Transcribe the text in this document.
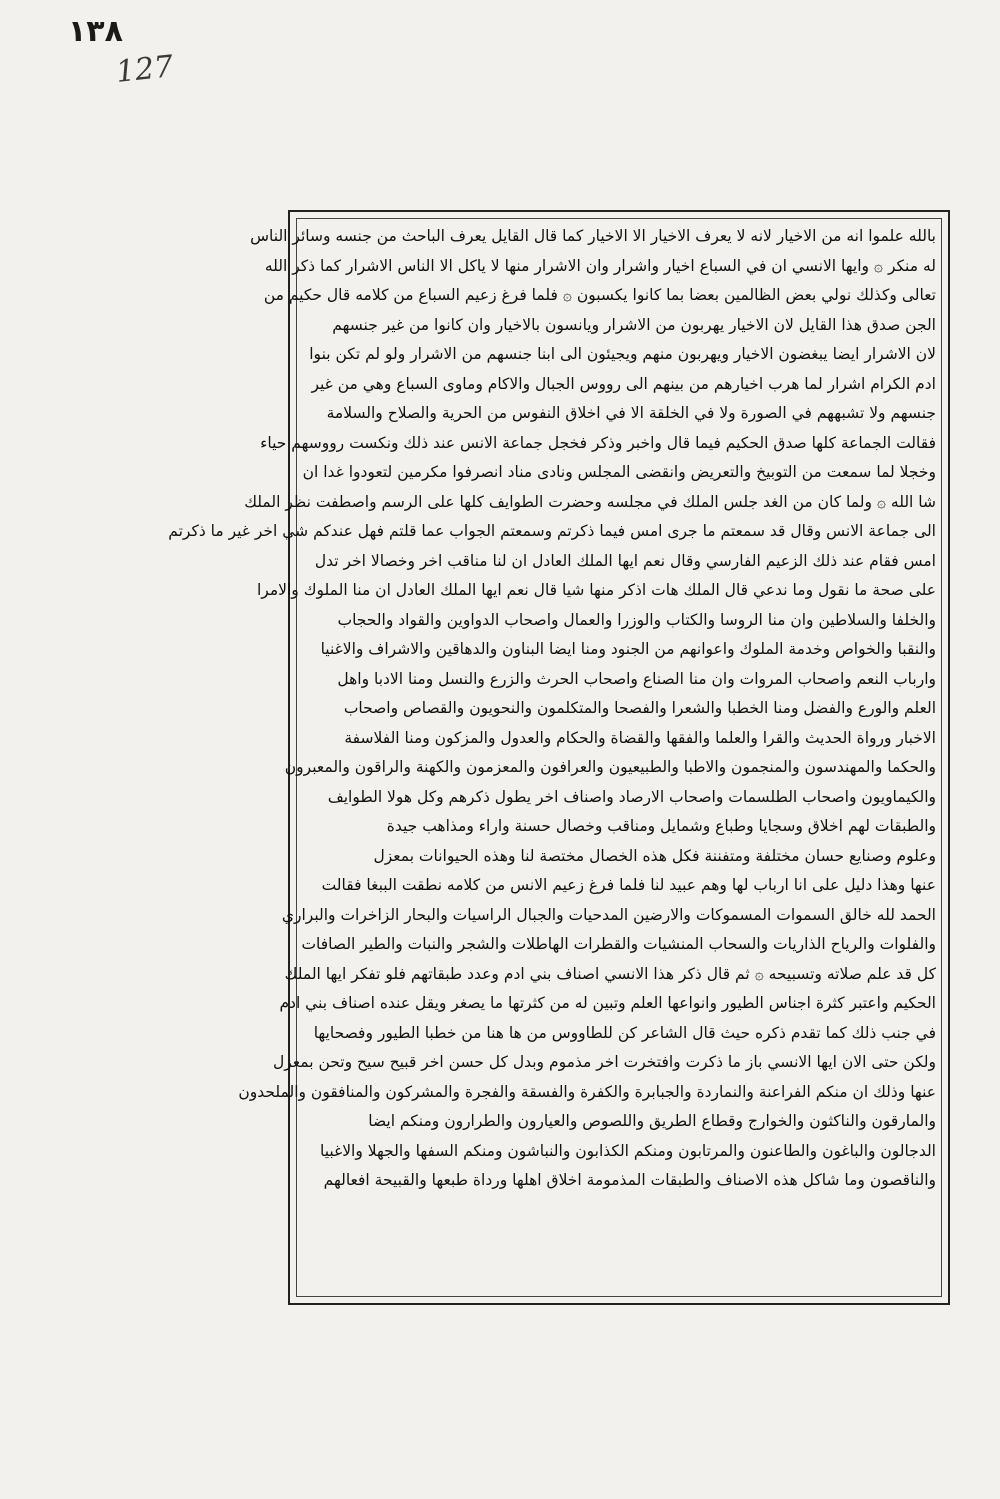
١٣٨
127
بالله علموا انه من الاخيار لانه لا يعرف الاخيار الا الاخيار كما قال القايل يعرف الباحث من جنسه وسائر الناس
له منكر ۞ وايها الانسي ان في السباع اخيار واشرار وان الاشرار منها لا ياكل الا الناس الاشرار كما ذكر الله
تعالى وكذلك نولي بعض الظالمين بعضا بما كانوا يكسبون ۞ فلما فرغ زعيم السباع من كلامه قال حكيم من
الجن صدق هذا القايل لان الاخيار يهربون من الاشرار ويانسون بالاخيار وان كانوا من غير جنسهم
لان الاشرار ايضا يبغضون الاخيار ويهربون منهم ويجيئون الى ابنا جنسهم من الاشرار ولو لم تكن بنوا
ادم الكرام اشرار لما هرب اخيارهم من بينهم الى رووس الجبال والاكام وماوى السباع وهي من غير
جنسهم ولا تشبههم في الصورة ولا في الخلقة الا في اخلاق النفوس من الحرية والصلاح والسلامة
فقالت الجماعة كلها صدق الحكيم فيما قال واخبر وذكر فخجل جماعة الانس عند ذلك ونكست رووسهم حياء
وخجلا لما سمعت من التوبيخ والتعريض وانقضى المجلس ونادى مناد انصرفوا مكرمين لتعودوا غدا ان
شا الله ۞ ولما كان من الغد جلس الملك في مجلسه وحضرت الطوايف كلها على الرسم واصطفت نظر الملك
الى جماعة الانس وقال قد سمعتم ما جرى امس فيما ذكرتم وسمعتم الجواب عما قلتم فهل عندكم شي اخر غير ما ذكرتم
امس فقام عند ذلك الزعيم الفارسي وقال نعم ايها الملك العادل ان لنا مناقب اخر وخصالا اخر تدل
على صحة ما نقول وما ندعي قال الملك هات اذكر منها شيا قال نعم ايها الملك العادل ان منا الملوك والامرا
والخلفا والسلاطين وان منا الروسا والكتاب والوزرا والعمال واصحاب الدواوين والقواد والحجاب
والنقبا والخواص وخدمة الملوك واعوانهم من الجنود ومنا ايضا البناون والدهاقين والاشراف والاغنيا
وارباب النعم واصحاب المروات وان منا الصناع واصحاب الحرث والزرع والنسل ومنا الادبا واهل
العلم والورع والفضل ومنا الخطبا والشعرا والفصحا والمتكلمون والنحويون والقصاص واصحاب
الاخبار ورواة الحديث والقرا والعلما والفقها والقضاة والحكام والعدول والمزكون ومنا الفلاسفة
والحكما والمهندسون والمنجمون والاطبا والطبيعيون والعرافون والمعزمون والكهنة والراقون والمعبرون
والكيماويون واصحاب الطلسمات واصحاب الارصاد واصناف اخر يطول ذكرهم وكل هولا الطوايف
والطبقات لهم اخلاق وسجايا وطباع وشمايل ومناقب وخصال حسنة واراء ومذاهب جيدة
وعلوم وصنايع حسان مختلفة ومتفننة فكل هذه الخصال مختصة لنا وهذه الحيوانات بمعزل
عنها وهذا دليل على انا ارباب لها وهم عبيد لنا فلما فرغ زعيم الانس من كلامه نطقت الببغا فقالت
الحمد لله خالق السموات المسموكات والارضين المدحيات والجبال الراسيات والبحار الزاخرات والبراري
والفلوات والرياح الذاريات والسحاب المنشيات والقطرات الهاطلات والشجر والنبات والطير الصافات
كل قد علم صلاته وتسبيحه ۞ ثم قال ذكر هذا الانسي اصناف بني ادم وعدد طبقاتهم فلو تفكر ايها الملك
الحكيم واعتبر كثرة اجناس الطيور وانواعها العلم وتبين له من كثرتها ما يصغر ويقل عنده اصناف بني ادم
في جنب ذلك كما تقدم ذكره حيث قال الشاعر كن للطاووس من ها هنا من خطبا الطيور وفصحايها
ولكن حتى الان ايها الانسي باز ما ذكرت وافتخرت اخر مذموم وبدل كل حسن اخر قبيح سيح وتحن بمعزل
عنها وذلك ان منكم الفراعنة والنماردة والجبابرة والكفرة والفسقة والفجرة والمشركون والمنافقون والملحدون
والمارقون والناكثون والخوارج وقطاع الطريق واللصوص والعيارون والطرارون ومنكم ايضا
الدجالون والباغون والطاعنون والمرتابون ومنكم الكذابون والنباشون ومنكم السفها والجهلا والاغبيا
والناقصون وما شاكل هذه الاصناف والطبقات المذمومة اخلاق اهلها ورداة طبعها والقبيحة افعالهم
